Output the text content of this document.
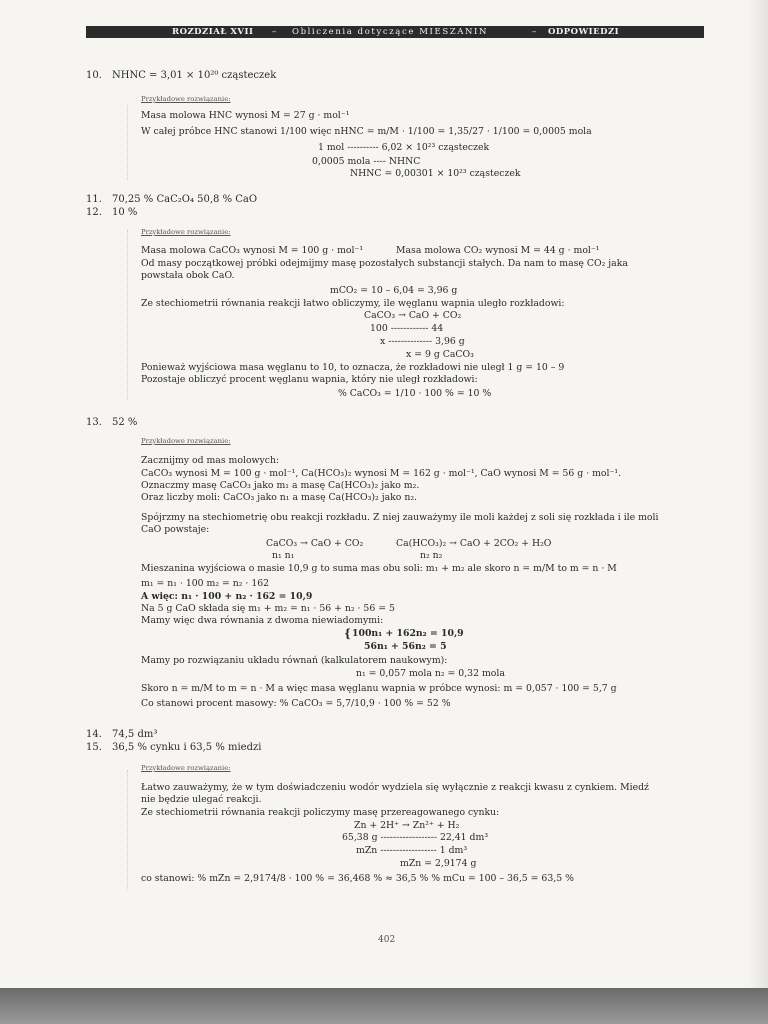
ROZDZIAŁ XVII – Obliczenia dotyczące MIESZANIN	– ODPOWIEDZI
10. NHNC = 3,01 × 10²⁰ cząsteczek
Przykładowe rozwiązanie:
Masa molowa HNC wynosi M = 27 g · mol⁻¹
W całej próbce HNC stanowi 1/100 więc nHNC = m/M · 1/100 = 1,35/27 · 1/100 = 0,0005 mola
1 mol ---------- 6,02 × 10²³ cząsteczek
0,0005 mola ---- NHNC
NHNC = 0,00301 × 10²³ cząsteczek
11. 70,25 % CaC₂O₄ 50,8 % CaO
12. 10 %
Przykładowe rozwiązanie:
Masa molowa CaCO₃ wynosi M = 100 g · mol⁻¹	Masa molowa CO₂ wynosi M = 44 g · mol⁻¹
Od masy początkowej próbki odejmijmy masę pozostałych substancji stałych. Da nam to masę CO₂ jaka
powstała obok CaO.
mCO₂ = 10 – 6,04 = 3,96 g
Ze stechiometrii równania reakcji łatwo obliczymy, ile węglanu wapnia uległo rozkładowi:
CaCO₃ → CaO + CO₂
100 ------------ 44
x -------------- 3,96 g
x = 9 g CaCO₃
Ponieważ wyjściowa masa węglanu to 10, to oznacza, że rozkładowi nie uległ 1 g = 10 – 9
Pozostaje obliczyć procent węglanu wapnia, który nie uległ rozkładowi:
% CaCO₃ = 1/10 · 100 % = 10 %
13. 52 %
Przykładowe rozwiązanie:
Zacznijmy od mas molowych:
CaCO₃ wynosi M = 100 g · mol⁻¹, Ca(HCO₃)₂ wynosi M = 162 g · mol⁻¹, CaO wynosi M = 56 g · mol⁻¹.
Oznaczmy masę CaCO₃ jako m₁ a masę Ca(HCO₃)₂ jako m₂.
Oraz liczby moli: CaCO₃ jako n₁ a masę Ca(HCO₃)₂ jako n₂.
Spójrzmy na stechiometrię obu reakcji rozkładu. Z niej zauważymy ile moli każdej z soli się rozkłada i ile moli
CaO powstaje:
CaCO₃ → CaO + CO₂	Ca(HCO₃)₂ → CaO + 2CO₂ + H₂O
n₁ n₁	n₂ n₂
Mieszanina wyjściowa o masie 10,9 g to suma mas obu soli: m₁ + m₂ ale skoro n = m/M to m = n · M
m₁ = n₁ · 100 m₂ = n₂ · 162
A więc: n₁ · 100 + n₂ · 162 = 10,9
Na 5 g CaO składa się m₁ + m₂ = n₁ · 56 + n₂ · 56 = 5
Mamy więc dwa równania z dwoma niewiadomymi:
{ 100n₁ + 162n₂ = 10,9
56n₁ + 56n₂ = 5
Mamy po rozwiązaniu układu równań (kalkulatorem naukowym):
n₁ = 0,057 mola n₂ = 0,32 mola
Skoro n = m/M to m = n · M a więc masa węglanu wapnia w próbce wynosi: m = 0,057 · 100 = 5,7 g
Co stanowi procent masowy: % CaCO₃ = 5,7/10,9 · 100 % = 52 %
14. 74,5 dm³
15. 36,5 % cynku i 63,5 % miedzi
Przykładowe rozwiązanie:
Łatwo zauważymy, że w tym doświadczeniu wodór wydziela się wyłącznie z reakcji kwasu z cynkiem. Miedź
nie będzie ulegać reakcji.
Ze stechiometrii równania reakcji policzymy masę przereagowanego cynku:
Zn + 2H⁺ → Zn²⁺ + H₂
65,38 g ------------------ 22,41 dm³
mZn ------------------ 1 dm³
mZn = 2,9174 g
co stanowi: % mZn = 2,9174/8 · 100 % = 36,468 % ≈ 36,5 % % mCu = 100 – 36,5 = 63,5 %
402
